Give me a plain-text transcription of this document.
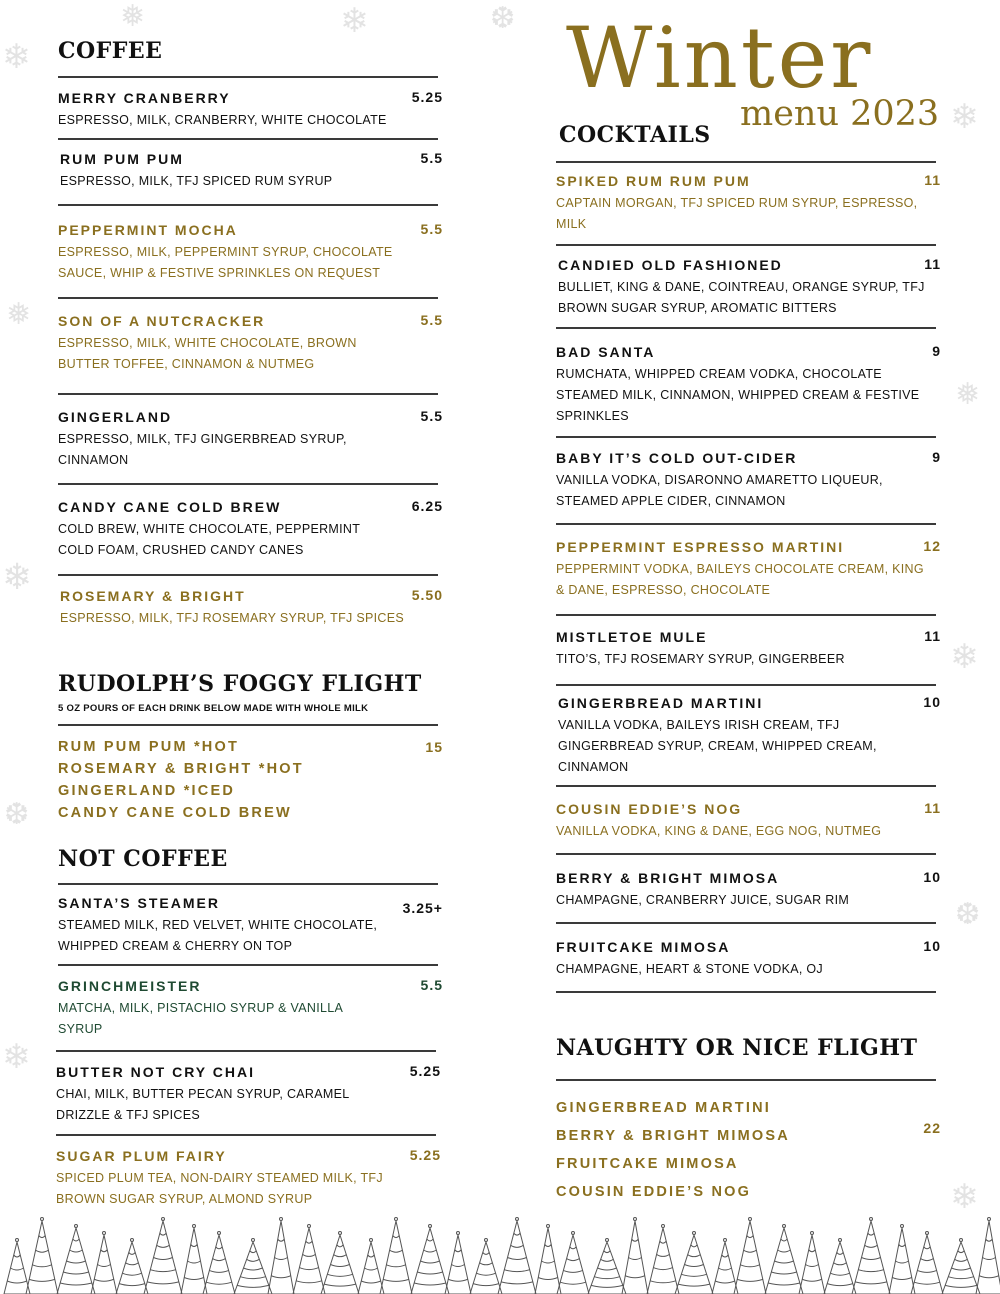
❄
❅
❄
❆
❄
❅	❄	❆
❄
❅
❄
❆
❄
Winter
menu 2023
COFFEE
MERRY CRANBERRY	5.25
ESPRESSO, MILK, CRANBERRY, WHITE CHOCOLATE
RUM PUM PUM	5.5
ESPRESSO, MILK, TFJ SPICED RUM SYRUP
PEPPERMINT MOCHA	5.5
ESPRESSO, MILK, PEPPERMINT SYRUP, CHOCOLATE SAUCE, WHIP & FESTIVE SPRINKLES ON REQUEST
SON OF A NUTCRACKER	5.5
ESPRESSO, MILK, WHITE CHOCOLATE, BROWN BUTTER TOFFEE, CINNAMON & NUTMEG
GINGERLAND	5.5
ESPRESSO, MILK, TFJ GINGERBREAD SYRUP, CINNAMON
CANDY CANE COLD BREW	6.25
COLD BREW, WHITE CHOCOLATE, PEPPERMINT COLD FOAM, CRUSHED CANDY CANES
ROSEMARY & BRIGHT	5.50
ESPRESSO, MILK, TFJ ROSEMARY SYRUP, TFJ SPICES
RUDOLPH’S FOGGY FLIGHT
5 OZ POURS OF EACH DRINK BELOW MADE WITH WHOLE MILK
RUM PUM PUM *HOT
ROSEMARY & BRIGHT *HOT
GINGERLAND *ICED
CANDY CANE COLD BREW
15
NOT COFFEE
SANTA’S STEAMER	3.25+
STEAMED MILK, RED VELVET, WHITE CHOCOLATE, WHIPPED CREAM & CHERRY ON TOP
GRINCHMEISTER	5.5
MATCHA, MILK, PISTACHIO SYRUP & VANILLA SYRUP
BUTTER NOT CRY CHAI	5.25
CHAI, MILK, BUTTER PECAN SYRUP, CARAMEL DRIZZLE & TFJ SPICES
SUGAR PLUM FAIRY	5.25
SPICED PLUM TEA, NON-DAIRY STEAMED MILK, TFJ BROWN SUGAR SYRUP, ALMOND SYRUP
COCKTAILS
SPIKED RUM RUM PUM	11
CAPTAIN MORGAN, TFJ SPICED RUM SYRUP, ESPRESSO, MILK
CANDIED OLD FASHIONED	11
BULLIET, KING & DANE, COINTREAU, ORANGE SYRUP, TFJ BROWN SUGAR SYRUP, AROMATIC BITTERS
BAD SANTA	9
RUMCHATA, WHIPPED CREAM VODKA, CHOCOLATE STEAMED MILK, CINNAMON, WHIPPED CREAM & FESTIVE SPRINKLES
BABY IT’S COLD OUT-CIDER	9
VANILLA VODKA, DISARONNO AMARETTO LIQUEUR, STEAMED APPLE CIDER, CINNAMON
PEPPERMINT ESPRESSO MARTINI	12
PEPPERMINT VODKA, BAILEYS CHOCOLATE CREAM, KING & DANE, ESPRESSO, CHOCOLATE
MISTLETOE MULE	11
TITO’S, TFJ ROSEMARY SYRUP, GINGERBEER
GINGERBREAD MARTINI	10
VANILLA VODKA, BAILEYS IRISH CREAM, TFJ GINGERBREAD SYRUP, CREAM, WHIPPED CREAM, CINNAMON
COUSIN EDDIE’S NOG	11
VANILLA VODKA, KING & DANE, EGG NOG, NUTMEG
BERRY & BRIGHT MIMOSA	10
CHAMPAGNE, CRANBERRY JUICE, SUGAR RIM
FRUITCAKE MIMOSA	10
CHAMPAGNE, HEART & STONE VODKA, OJ
NAUGHTY OR NICE FLIGHT
GINGERBREAD MARTINI
BERRY & BRIGHT MIMOSA
FRUITCAKE MIMOSA
COUSIN EDDIE’S NOG
22
